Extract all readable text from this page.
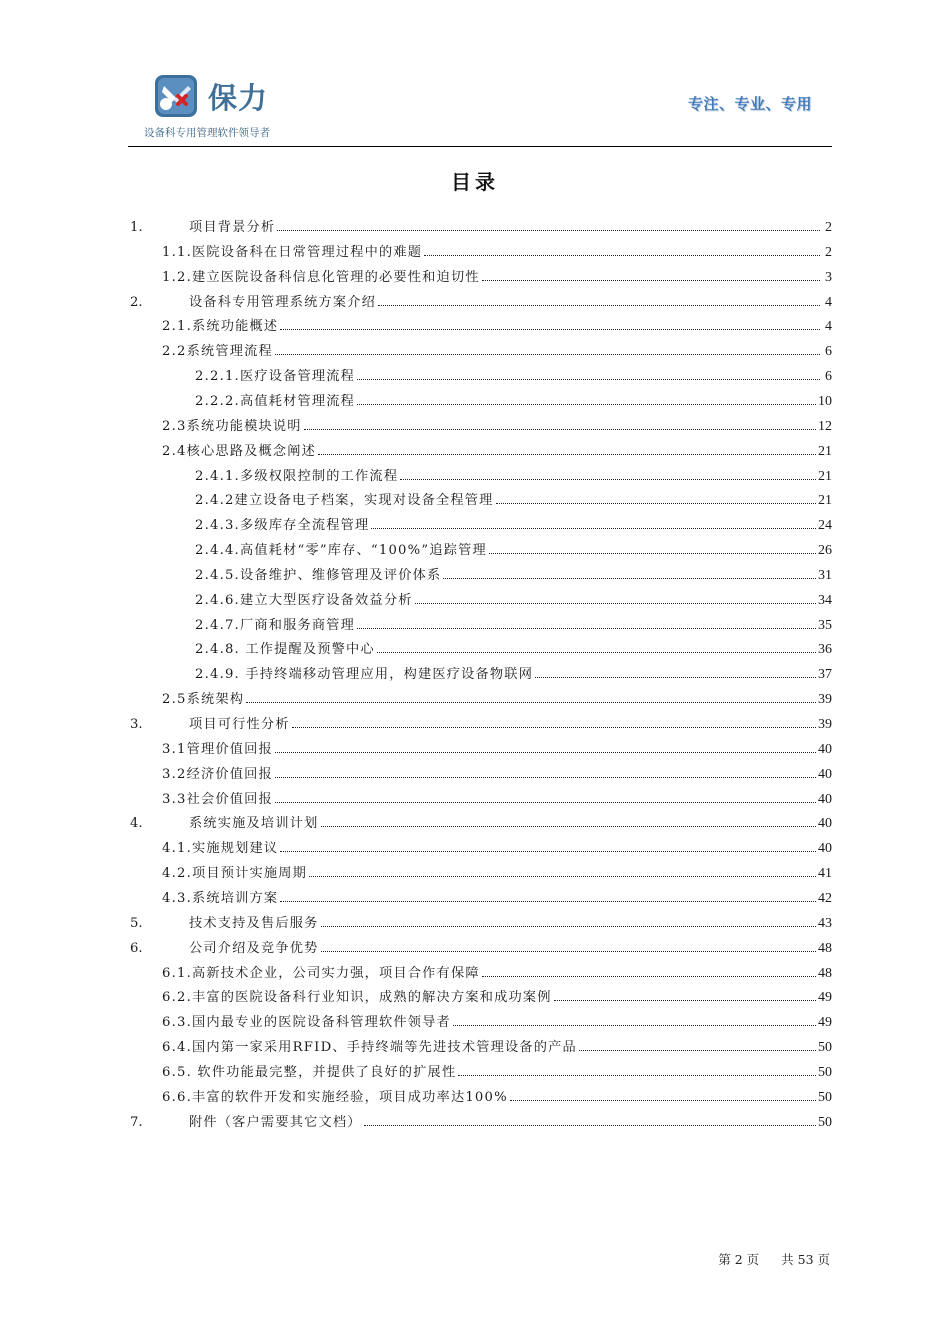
保力
设备科专用管理软件领导者
专注、专业、专用
目录
1.	项目背景分析	2
1.1.医院设备科在日常管理过程中的难题	2
1.2.建立医院设备科信息化管理的必要性和迫切性	3
2.	设备科专用管理系统方案介绍	4
2.1.系统功能概述	4
2.2系统管理流程	6
2.2.1.医疗设备管理流程	6
2.2.2.高值耗材管理流程	10
2.3系统功能模块说明	12
2.4核心思路及概念阐述	21
2.4.1.多级权限控制的工作流程	21
2.4.2建立设备电子档案，实现对设备全程管理	21
2.4.3.多级库存全流程管理	24
2.4.4.高值耗材“零”库存、“100%”追踪管理	26
2.4.5.设备维护、维修管理及评价体系	31
2.4.6.建立大型医疗设备效益分析	34
2.4.7.厂商和服务商管理	35
2.4.8. 工作提醒及预警中心	36
2.4.9. 手持终端移动管理应用，构建医疗设备物联网	37
2.5系统架构	39
3.	项目可行性分析	39
3.1管理价值回报	40
3.2经济价值回报	40
3.3社会价值回报	40
4.	系统实施及培训计划	40
4.1.实施规划建议	40
4.2.项目预计实施周期	41
4.3.系统培训方案	42
5.	技术支持及售后服务	43
6.	公司介绍及竞争优势	48
6.1.高新技术企业，公司实力强，项目合作有保障	48
6.2.丰富的医院设备科行业知识，成熟的解决方案和成功案例	49
6.3.国内最专业的医院设备科管理软件领导者	49
6.4.国内第一家采用RFID、手持终端等先进技术管理设备的产品	50
6.5. 软件功能最完整，并提供了良好的扩展性	50
6.6.丰富的软件开发和实施经验，项目成功率达100%	50
7.	附件（客户需要其它文档）	50
第 2 页 共 53 页
